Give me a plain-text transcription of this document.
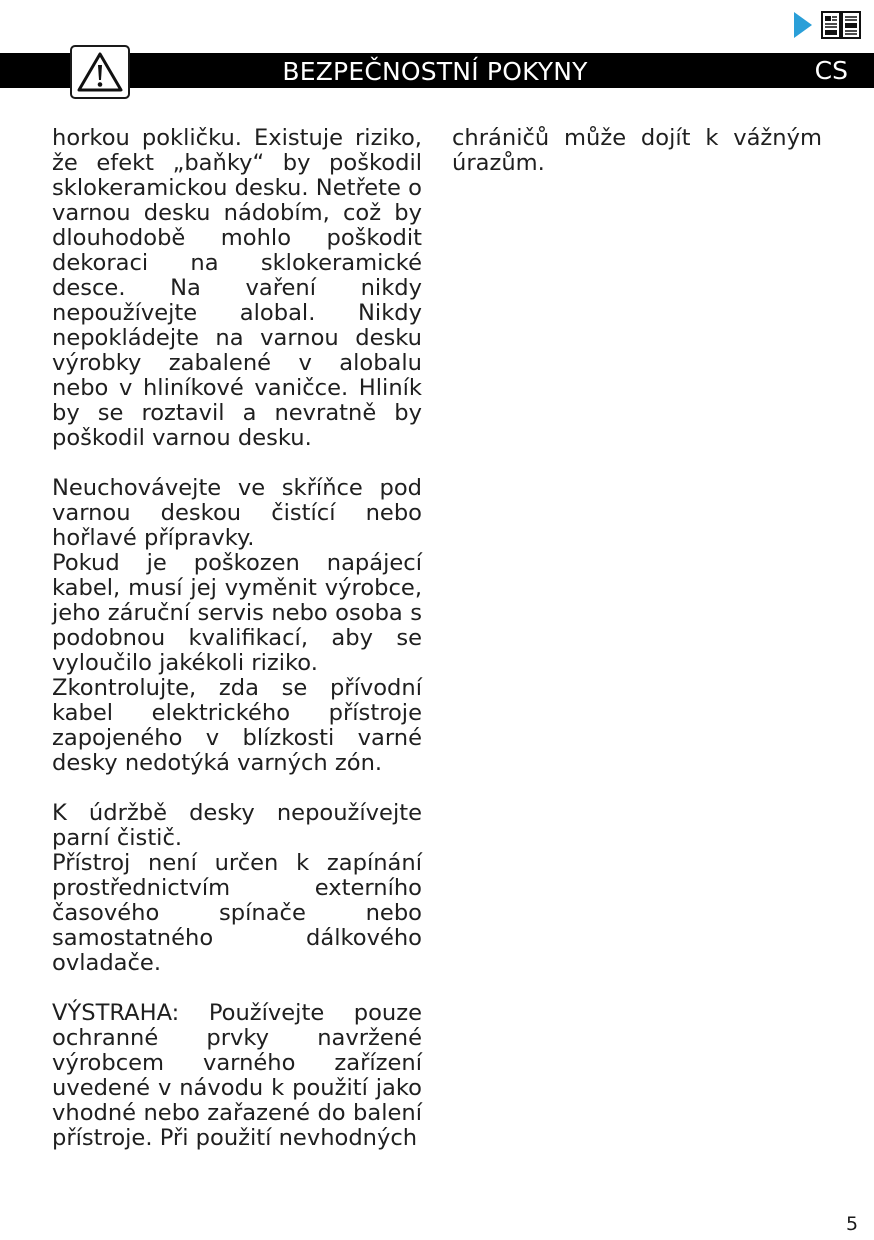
BEZPEČNOSTNÍ POKYNY	CS

horkou pokličku. Existuje riziko, že efekt „baňky“ by poškodil sklokeramickou desku. Netřete o varnou desku nádobím, což by dlouhodobě mohlo poškodit dekoraci na sklokeramické desce. Na vaření nikdy nepoužívejte alobal. Nikdy nepokládejte na varnou desku výrobky zabalené v alobalu nebo v hliníkové vaničce. Hliník by se roztavil a nevratně by poškodil varnou desku.

Neuchovávejte ve skříňce pod varnou deskou čistící nebo hořlavé přípravky.

Pokud je poškozen napájecí kabel, musí jej vyměnit výrobce, jeho záruční servis nebo osoba s podobnou kvalifikací, aby se vyloučilo jakékoli riziko.

Zkontrolujte, zda se přívodní kabel elektrického přístroje zapojeného v blízkosti varné desky nedotýká varných zón.

K údržbě desky nepoužívejte parní čistič.

Přístroj není určen k zapínání prostřednictvím externího časového spínače nebo samostatného dálkového ovladače.

VÝSTRAHA: Používejte pouze ochranné prvky navržené výrobcem varného zařízení uvedené v návodu k použití jako vhodné nebo zařazené do balení přístroje. Při použití nevhodných

chráničů může dojít k vážným úrazům.

5
